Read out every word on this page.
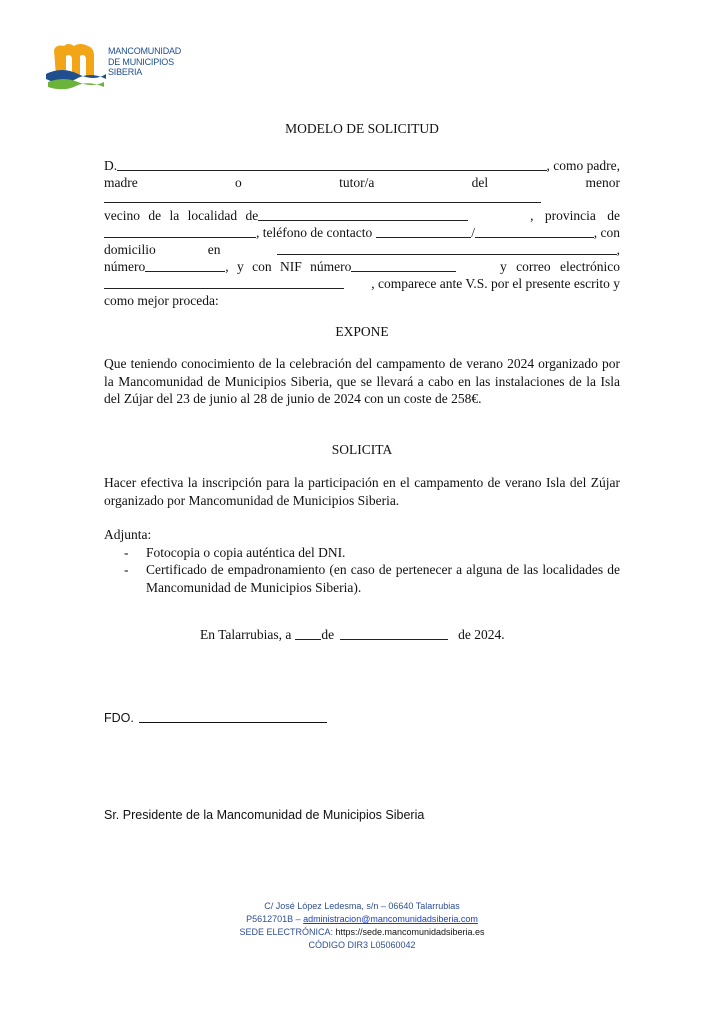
MANCOMUNIDAD
DE MUNICIPIOS
SIBERIA
MODELO DE SOLICITUD
D.	, como padre,
madre	o	tutor/a	del	menor
vecino de la localidad de	, provincia de
, teléfono de contacto	/	, con
domicilio	en	,
número	, y con NIF número	y correo electrónico
, comparece ante V.S. por el presente escrito y
como mejor proceda:
EXPONE
Que teniendo conocimiento de la celebración del campamento de verano 2024 organizado por la Mancomunidad de Municipios Siberia, que se llevará a cabo en las instalaciones de la Isla del Zújar del 23 de junio al 28 de junio de 2024 con un coste de 258€.
SOLICITA
Hacer efectiva la inscripción para la participación en el campamento de verano Isla del Zújar organizado por Mancomunidad de Municipios Siberia.
Adjunta:
-	Fotocopia o copia auténtica del DNI.
-	Certificado de empadronamiento (en caso de pertenecer a alguna de las localidades de Mancomunidad de Municipios Siberia).
En Talarrubias, a de	de 2024.
FDO.
Sr. Presidente de la Mancomunidad de Municipios Siberia
C/ José López Ledesma, s/n – 06640 Talarrubias
P5612701B – administracion@mancomunidadsiberia.com
SEDE ELECTRÓNICA: https://sede.mancomunidadsiberia.es
CÓDIGO DIR3 L05060042
